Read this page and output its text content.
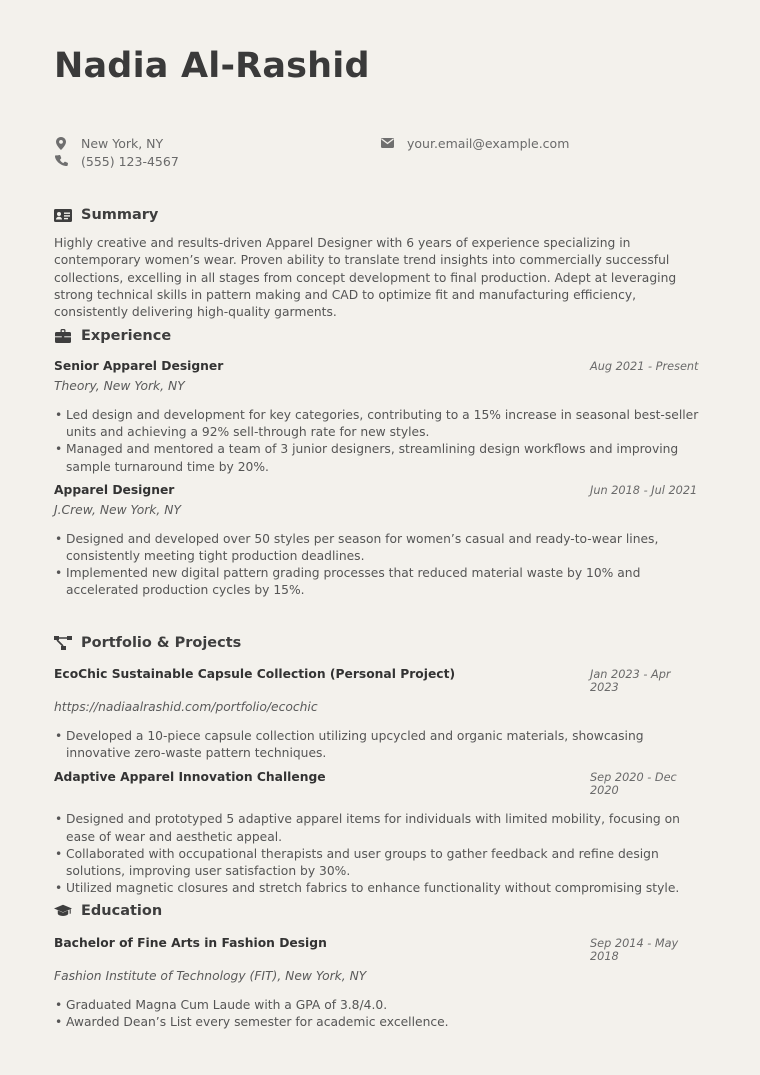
Nadia Al-Rashid
New York, NY
(555) 123-4567
your.email@example.com
Summary
Highly creative and results-driven Apparel Designer with 6 years of experience specializing in contemporary women’s wear. Proven ability to translate trend insights into commercially successful collections, excelling in all stages from concept development to final production. Adept at leveraging strong technical skills in pattern making and CAD to optimize fit and manufacturing efficiency, consistently delivering high-quality garments.
Experience
Senior Apparel Designer	Aug 2021 - Present
Theory, New York, NY
• Led design and development for key categories, contributing to a 15% increase in seasonal best-seller units and achieving a 92% sell-through rate for new styles.
• Managed and mentored a team of 3 junior designers, streamlining design workflows and improving sample turnaround time by 20%.
Apparel Designer	Jun 2018 - Jul 2021
J.Crew, New York, NY
• Designed and developed over 50 styles per season for women’s casual and ready-to-wear lines, consistently meeting tight production deadlines.
• Implemented new digital pattern grading processes that reduced material waste by 10% and accelerated production cycles by 15%.
Portfolio & Projects
EcoChic Sustainable Capsule Collection (Personal Project)	Jan 2023 - Apr 2023
https://nadiaalrashid.com/portfolio/ecochic
• Developed a 10-piece capsule collection utilizing upcycled and organic materials, showcasing innovative zero-waste pattern techniques.
Adaptive Apparel Innovation Challenge	Sep 2020 - Dec 2020
• Designed and prototyped 5 adaptive apparel items for individuals with limited mobility, focusing on ease of wear and aesthetic appeal.
• Collaborated with occupational therapists and user groups to gather feedback and refine design solutions, improving user satisfaction by 30%.
• Utilized magnetic closures and stretch fabrics to enhance functionality without compromising style.
Education
Bachelor of Fine Arts in Fashion Design	Sep 2014 - May 2018
Fashion Institute of Technology (FIT), New York, NY
• Graduated Magna Cum Laude with a GPA of 3.8/4.0.
• Awarded Dean’s List every semester for academic excellence.
